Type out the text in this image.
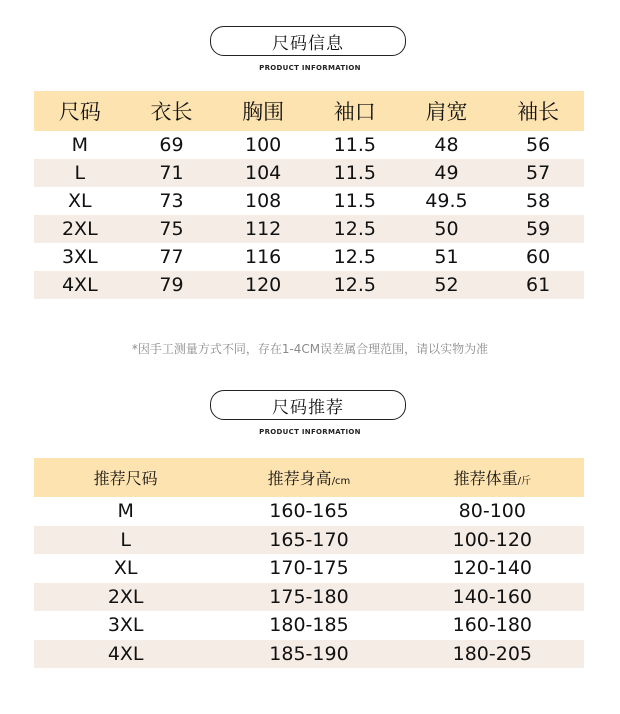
尺码信息
PRODUCT INFORMATION
尺码	衣长	胸围	袖口	肩宽	袖长
M	69	100	11.5	48	56
L	71	104	11.5	49	57
XL	73	108	11.5	49.5	58
2XL	75	112	12.5	50	59
3XL	77	116	12.5	51	60
4XL	79	120	12.5	52	61
*因手工测量方式不同，存在1-4CM误差属合理范围，请以实物为准
尺码推荐
PRODUCT INFORMATION
推荐尺码	推荐身高/cm	推荐体重/斤
M	160-165	80-100
L	165-170	100-120
XL	170-175	120-140
2XL	175-180	140-160
3XL	180-185	160-180
4XL	185-190	180-205
